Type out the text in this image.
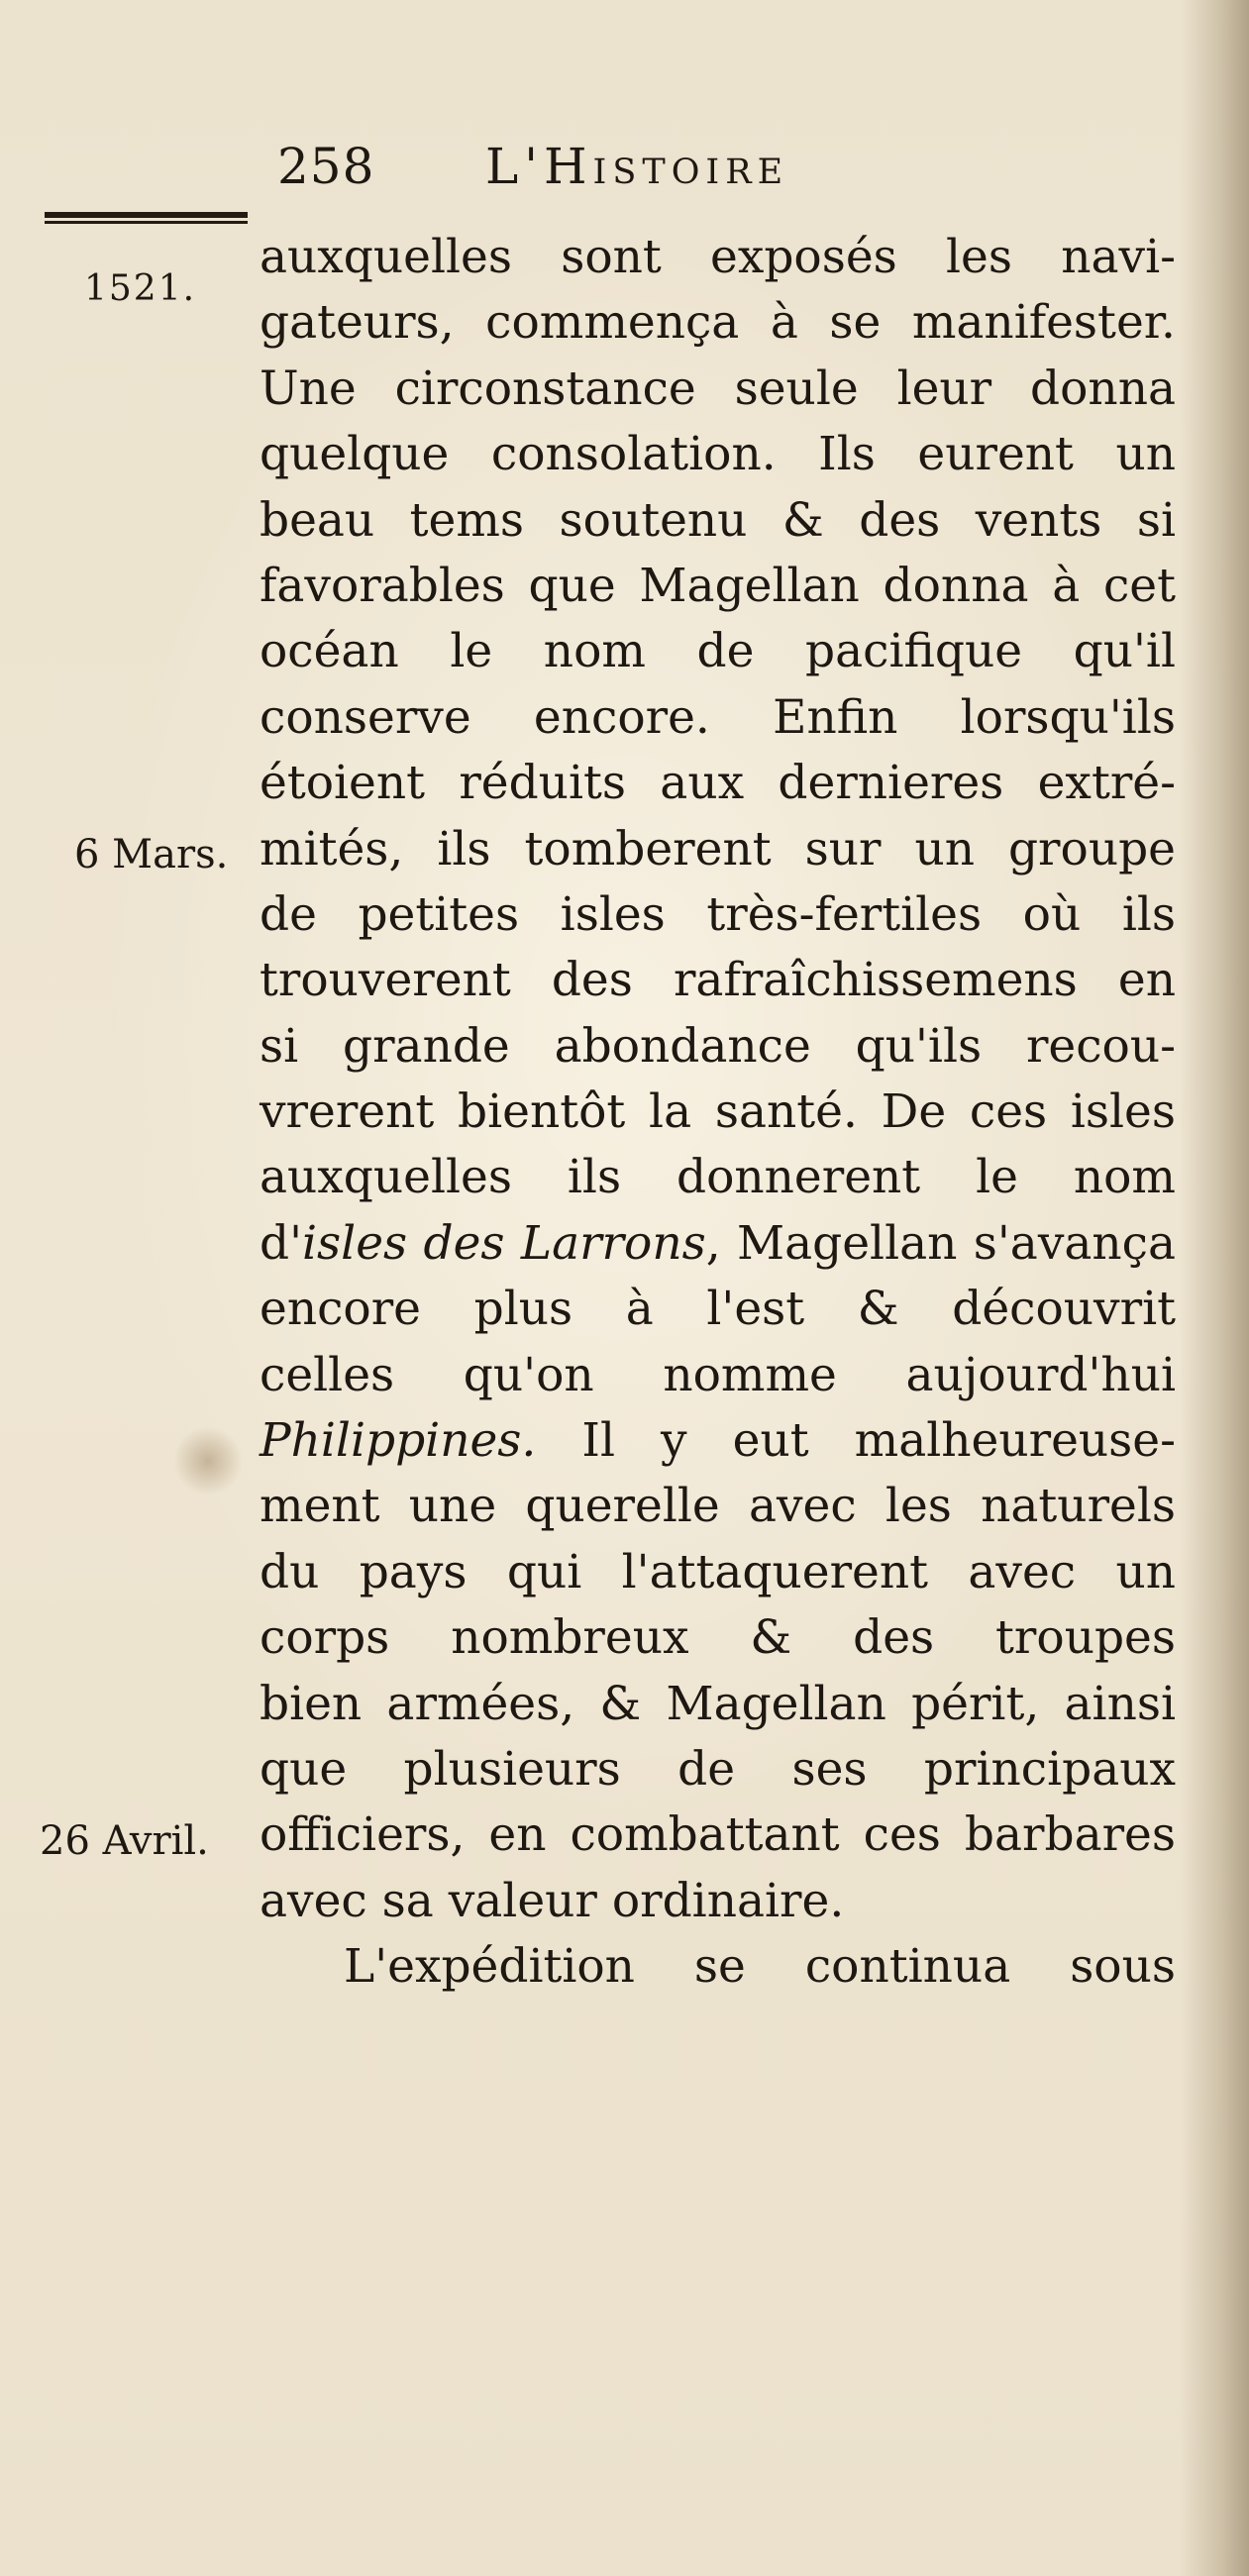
258 L'Histoire
1521.
6 Mars.
26 Avril.
auxquelles sont exposés les navi-
gateurs, commença à se manifester.
Une circonstance seule leur donna
quelque consolation. Ils eurent un
beau tems soutenu & des vents si
favorables que Magellan donna à cet
océan le nom de pacifique qu'il
conserve encore. Enfin lorsqu'ils
étoient réduits aux dernieres extré-
mités, ils tomberent sur un groupe
de petites isles très-fertiles où ils
trouverent des rafraîchissemens en
si grande abondance qu'ils recou-
vrerent bientôt la santé. De ces isles
auxquelles ils donnerent le nom
d'isles des Larrons, Magellan s'avança
encore plus à l'est & découvrit
celles qu'on nomme aujourd'hui
Philippines. Il y eut malheureuse-
ment une querelle avec les naturels
du pays qui l'attaquerent avec un
corps nombreux & des troupes
bien armées, & Magellan périt, ainsi
que plusieurs de ses principaux
officiers, en combattant ces barbares
avec sa valeur ordinaire.
L'expédition se continua sous
